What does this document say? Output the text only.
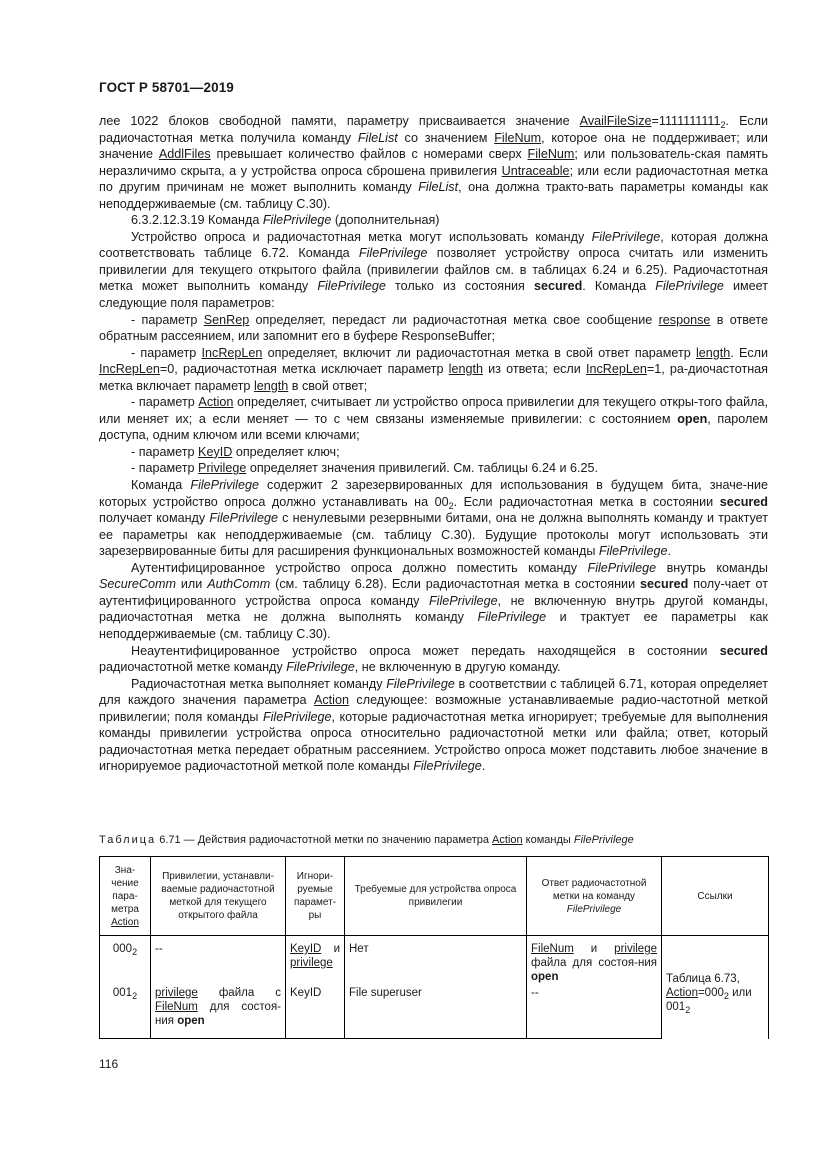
ГОСТ Р 58701—2019

лее 1022 блоков свободной памяти, параметру присваивается значение $AvailFileSize=1111111111_2$. Если радиочастотная метка получила команду FileList со значением FileNum, которое она не поддерживает; или значение AddlFiles превышает количество файлов с номерами сверх FileNum; или пользователь-ская память неразличимо скрыта, а у устройства опроса сброшена привилегия Untraceable; или если радиочастотная метка по другим причинам не может выполнить команду FileList, она должна тракто-вать параметры команды как неподдерживаемые (см. таблицу С.30).

6.3.2.12.3.19 Команда FilePrivilege (дополнительная)

Устройство опроса и радиочастотная метка могут использовать команду FilePrivilege, которая должна соответствовать таблице 6.72. Команда FilePrivilege позволяет устройству опроса считать или изменить привилегии для текущего открытого файла (привилегии файлов см. в таблицах 6.24 и 6.25). Радиочастотная метка может выполнить команду FilePrivilege только из состояния secured. Команда FilePrivilege имеет следующие поля параметров:

- параметр SenRep определяет, передаст ли радиочастотная метка свое сообщение response в ответе обратным рассеянием, или запомнит его в буфере ResponseBuffer;

- параметр IncRepLen определяет, включит ли радиочастотная метка в свой ответ параметр length. Если IncRepLen=0, радиочастотная метка исключает параметр length из ответа; если IncRepLen=1, ра-диочастотная метка включает параметр length в свой ответ;

- параметр Action определяет, считывает ли устройство опроса привилегии для текущего откры-того файла, или меняет их; а если меняет — то с чем связаны изменяемые привилегии: с состоянием open, паролем доступа, одним ключом или всеми ключами;

- параметр KeyID определяет ключ;

- параметр Privilege определяет значения привилегий. См. таблицы 6.24 и 6.25.

Команда FilePrivilege содержит 2 зарезервированных для использования в будущем бита, значе-ние которых устройство опроса должно устанавливать на $00_2$. Если радиочастотная метка в состоянии secured получает команду FilePrivilege с ненулевыми резервными битами, она не должна выполнять команду и трактует ее параметры как неподдерживаемые (см. таблицу С.30). Будущие протоколы могут использовать эти зарезервированные биты для расширения функциональных возможностей команды FilePrivilege.

Аутентифицированное устройство опроса должно поместить команду FilePrivilege внутрь команды SecureComm или AuthComm (см. таблицу 6.28). Если радиочастотная метка в состоянии secured полу-чает от аутентифицированного устройства опроса команду FilePrivilege, не включенную внутрь другой команды, радиочастотная метка не должна выполнять команду FilePrivilege и трактует ее параметры как неподдерживаемые (см. таблицу С.30).

Неаутентифицированное устройство опроса может передать находящейся в состоянии secured радиочастотной метке команду FilePrivilege, не включенную в другую команду.

Радиочастотная метка выполняет команду FilePrivilege в соответствии с таблицей 6.71, которая определяет для каждого значения параметра Action следующее: возможные устанавливаемые радио-частотной меткой привилегии; поля команды FilePrivilege, которые радиочастотная метка игнорирует; требуемые для выполнения команды привилегии устройства опроса относительно радиочастотной метки или файла; ответ, который радиочастотная метка передает обратным рассеянием. Устройство опроса может подставить любое значение в игнорируемое радиочастотной меткой поле команды FilePrivilege.

Таблица 6.71 — Действия радиочастотной метки по значению параметра Action команды FilePrivilege
Зна-чение пара-метра Action	Привилегии, устанавли-ваемые радиочастотной меткой для текущего открытого файла	Игнори-руемые парамет-ры	Требуемые для устройства опроса привилегии	Ответ радиочастотной метки на команду FilePrivilege	Ссылки
$000_2$	--	KeyID и privilege	Нет	FileNum и privilege файла для состоя-ния open	Таблица 6.73, $Action=000_2$ или $001_2$
$001_2$	privilege файла с FileNum для состоя-ния open	KeyID	File superuser	--	
116
